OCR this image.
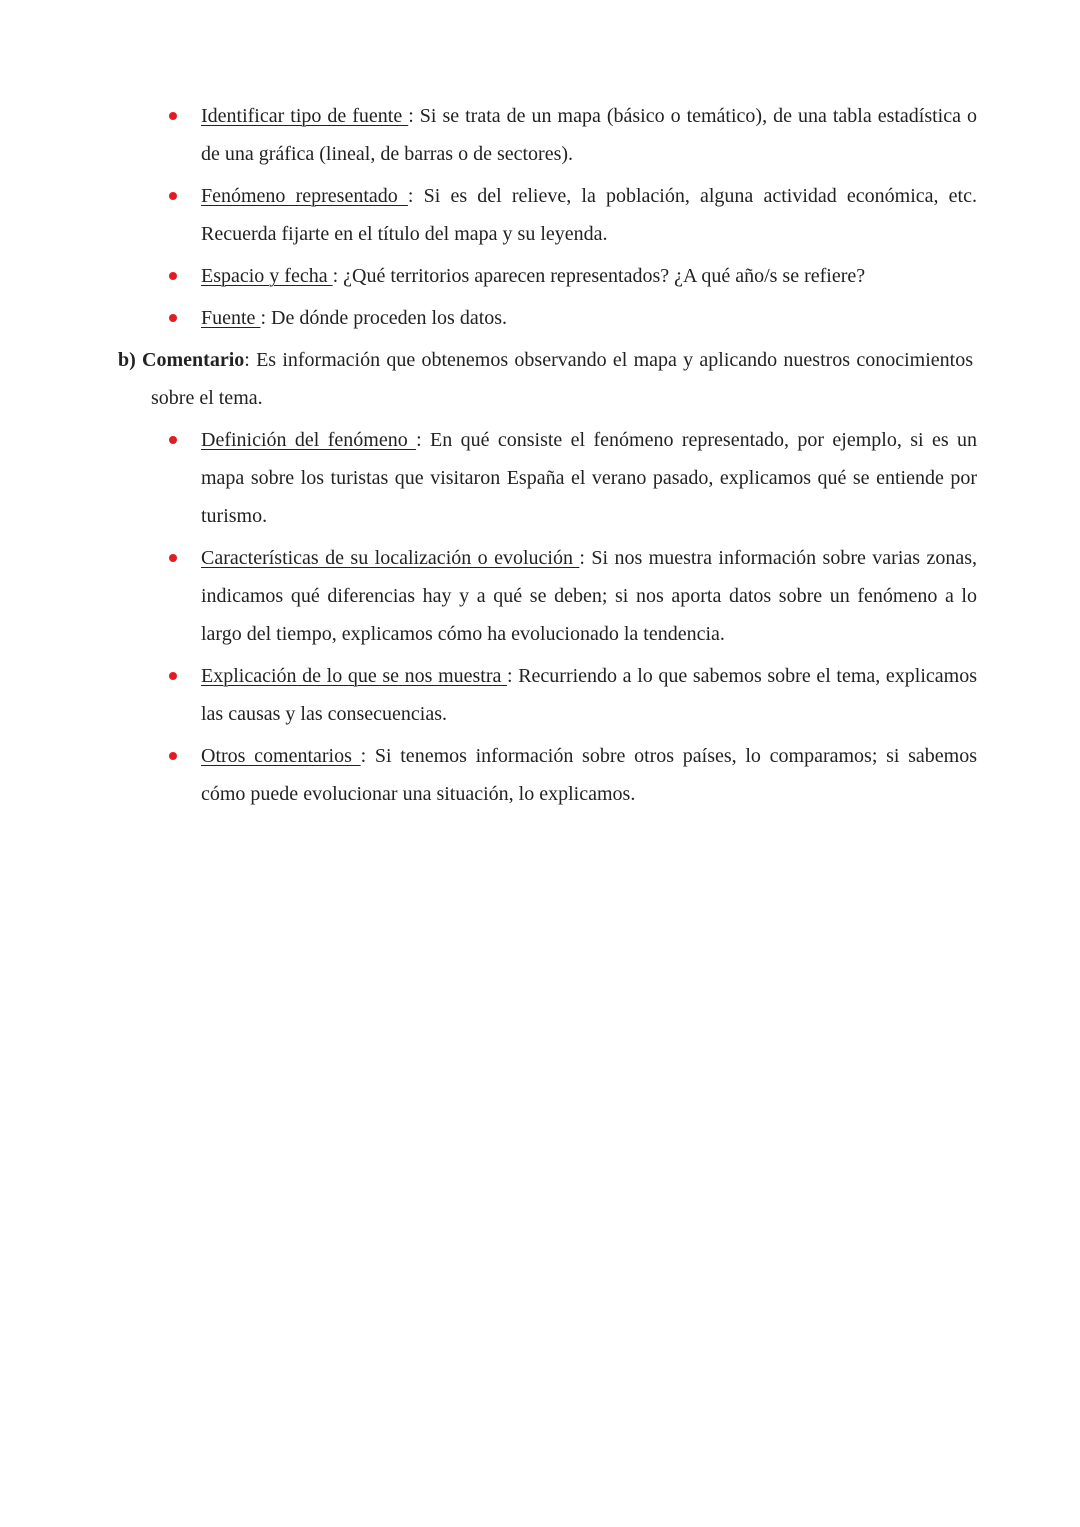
Identificar tipo de fuente : Si se trata de un mapa (básico o temático), de una tabla estadística o de una gráfica (lineal, de barras o de sectores).
Fenómeno representado : Si es del relieve, la población, alguna actividad económica, etc. Recuerda fijarte en el título del mapa y su leyenda.
Espacio y fecha : ¿Qué territorios aparecen representados? ¿A qué año/s se refiere?
Fuente : De dónde proceden los datos.

b) Comentario: Es información que obtenemos observando el mapa y aplicando nuestros conocimientos sobre el tema.

Definición del fenómeno : En qué consiste el fenómeno representado, por ejemplo, si es un mapa sobre los turistas que visitaron España el verano pasado, explicamos qué se entiende por turismo.
Características de su localización o evolución : Si nos muestra información sobre varias zonas, indicamos qué diferencias hay y a qué se deben; si nos aporta datos sobre un fenómeno a lo largo del tiempo, explicamos cómo ha evolucionado la tendencia.
Explicación de lo que se nos muestra : Recurriendo a lo que sabemos sobre el tema, explicamos las causas y las consecuencias.
Otros comentarios : Si tenemos información sobre otros países, lo comparamos; si sabemos cómo puede evolucionar una situación, lo explicamos.
